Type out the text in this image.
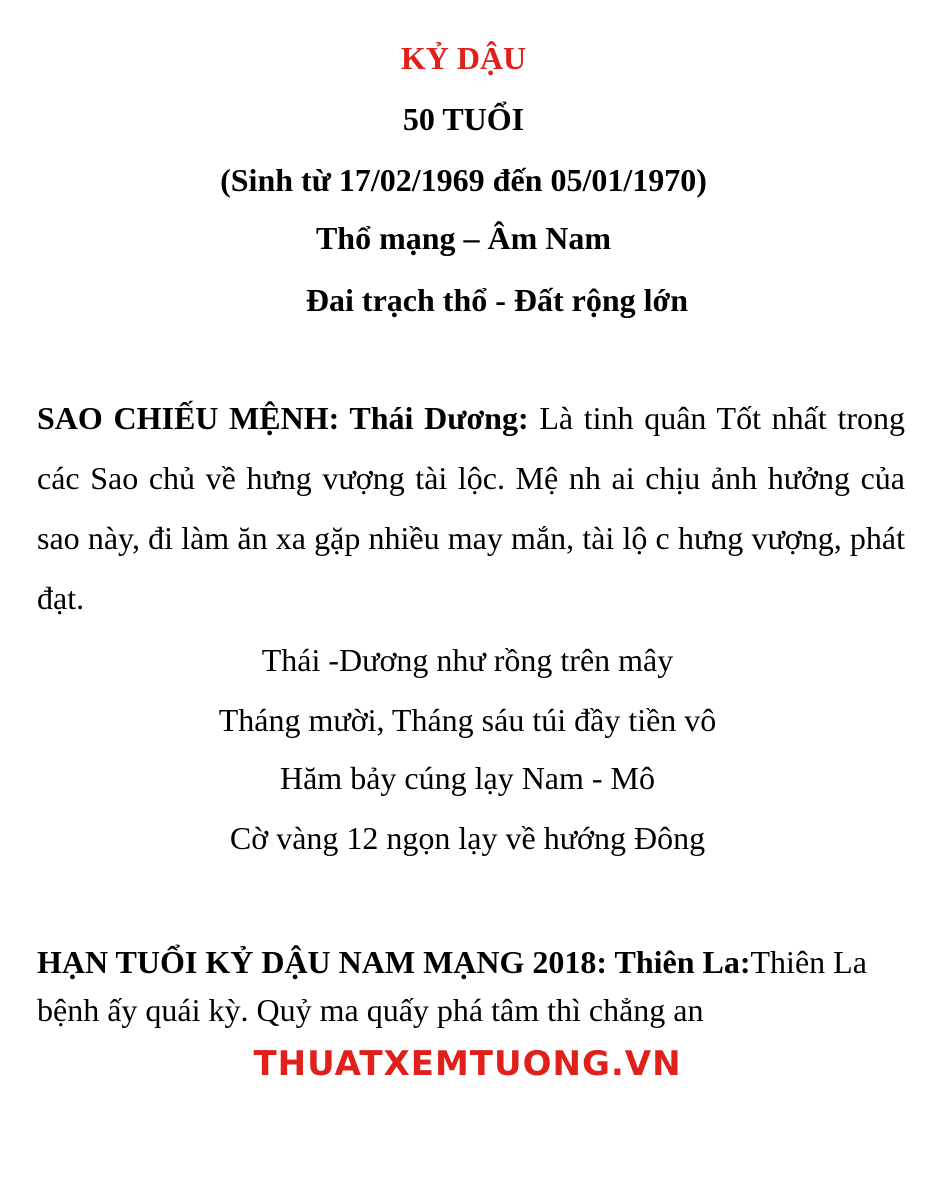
KỶ DẬU
50 TUỔI
(Sinh từ 17/02/1969 đến 05/01/1970)
Thổ mạng – Âm Nam
Đai trạch thổ - Đất rộng lớn

SAO CHIẾU MỆNH: Thái Dương: Là tinh quân Tốt nhất trong các Sao chủ về hưng vượng tài lộc. Mệ nh ai chịu ảnh hưởng của sao này, đi làm ăn xa gặp nhiều may mắn, tài lộ c hưng vượng, phát đạt.

Thái -Dương như rồng trên mây
Tháng mười, Tháng sáu túi đầy tiền vô
Hăm bảy cúng lạy Nam - Mô
Cờ vàng 12 ngọn lạy về hướng Đông

HẠN TUỔI KỶ DẬU NAM MẠNG 2018: Thiên La:Thiên La bệnh ấy quái kỳ. Quỷ ma quấy phá tâm thì chẳng an

THUATXEMTUONG.VN
